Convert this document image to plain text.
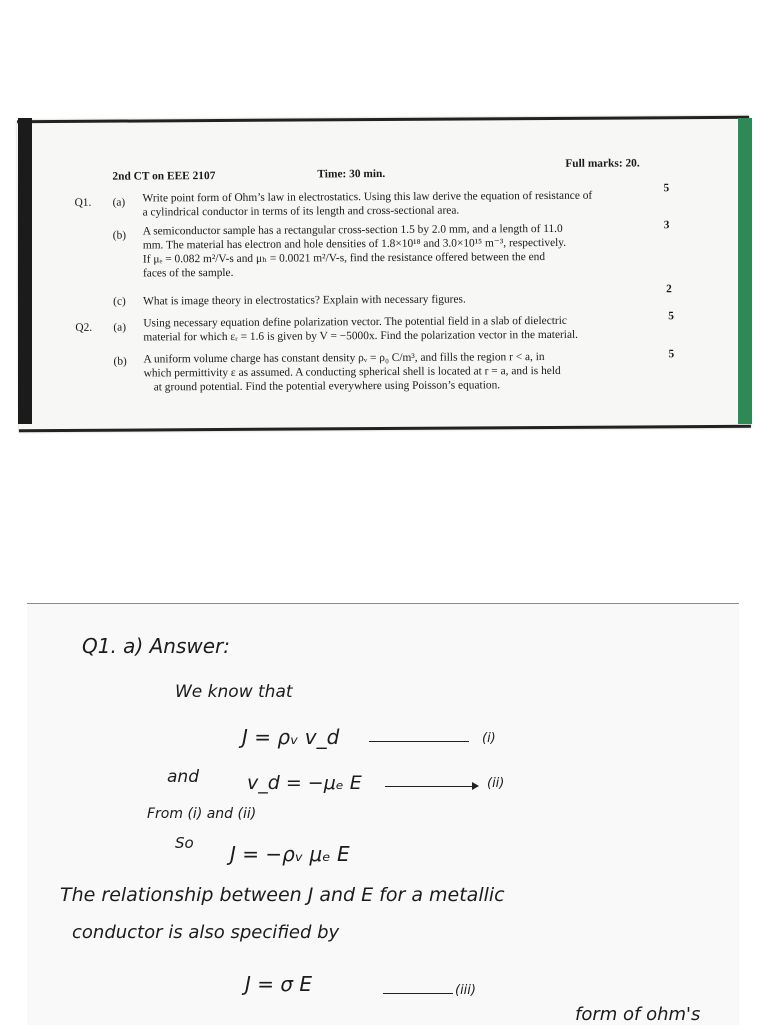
2nd CT on EEE 2107	Time: 30 min.
Full marks: 20.
Q1. (a) Write point form of Ohm’s law in electrostatics. Using this law derive the equation of resistance of
a cylindrical conductor in terms of its length and cross-sectional area.
5
(b) A semiconductor sample has a rectangular cross-section 1.5 by 2.0 mm, and a length of 11.0
mm. The material has electron and hole densities of 1.8×10¹⁸ and 3.0×10¹⁵ m⁻³, respectively.
If μₑ = 0.082 m²/V-s and μₕ = 0.0021 m²/V-s, find the resistance offered between the end
faces of the sample.
3
(c) What is image theory in electrostatics? Explain with necessary figures.
2
Q2. (a) Using necessary equation define polarization vector. The potential field in a slab of dielectric
material for which εᵣ = 1.6 is given by V = −5000x. Find the polarization vector in the material.
5
(b) A uniform volume charge has constant density ρᵥ = ρ₀ C/m³, and fills the region r < a, in
which permittivity ε as assumed. A conducting spherical shell is located at r = a, and is held
at ground potential. Find the potential everywhere using Poisson’s equation.
5
Q1. a) Answer:
We know that
J = ρᵥ v_d	(i)
and	v_d = −μₑ E	(ii)
From (i) and (ii)
So J = −ρᵥ μₑ E
The relationship between J and E for a metallic
conductor is also specified by
J = σ E	(iii)
form of ohm's
